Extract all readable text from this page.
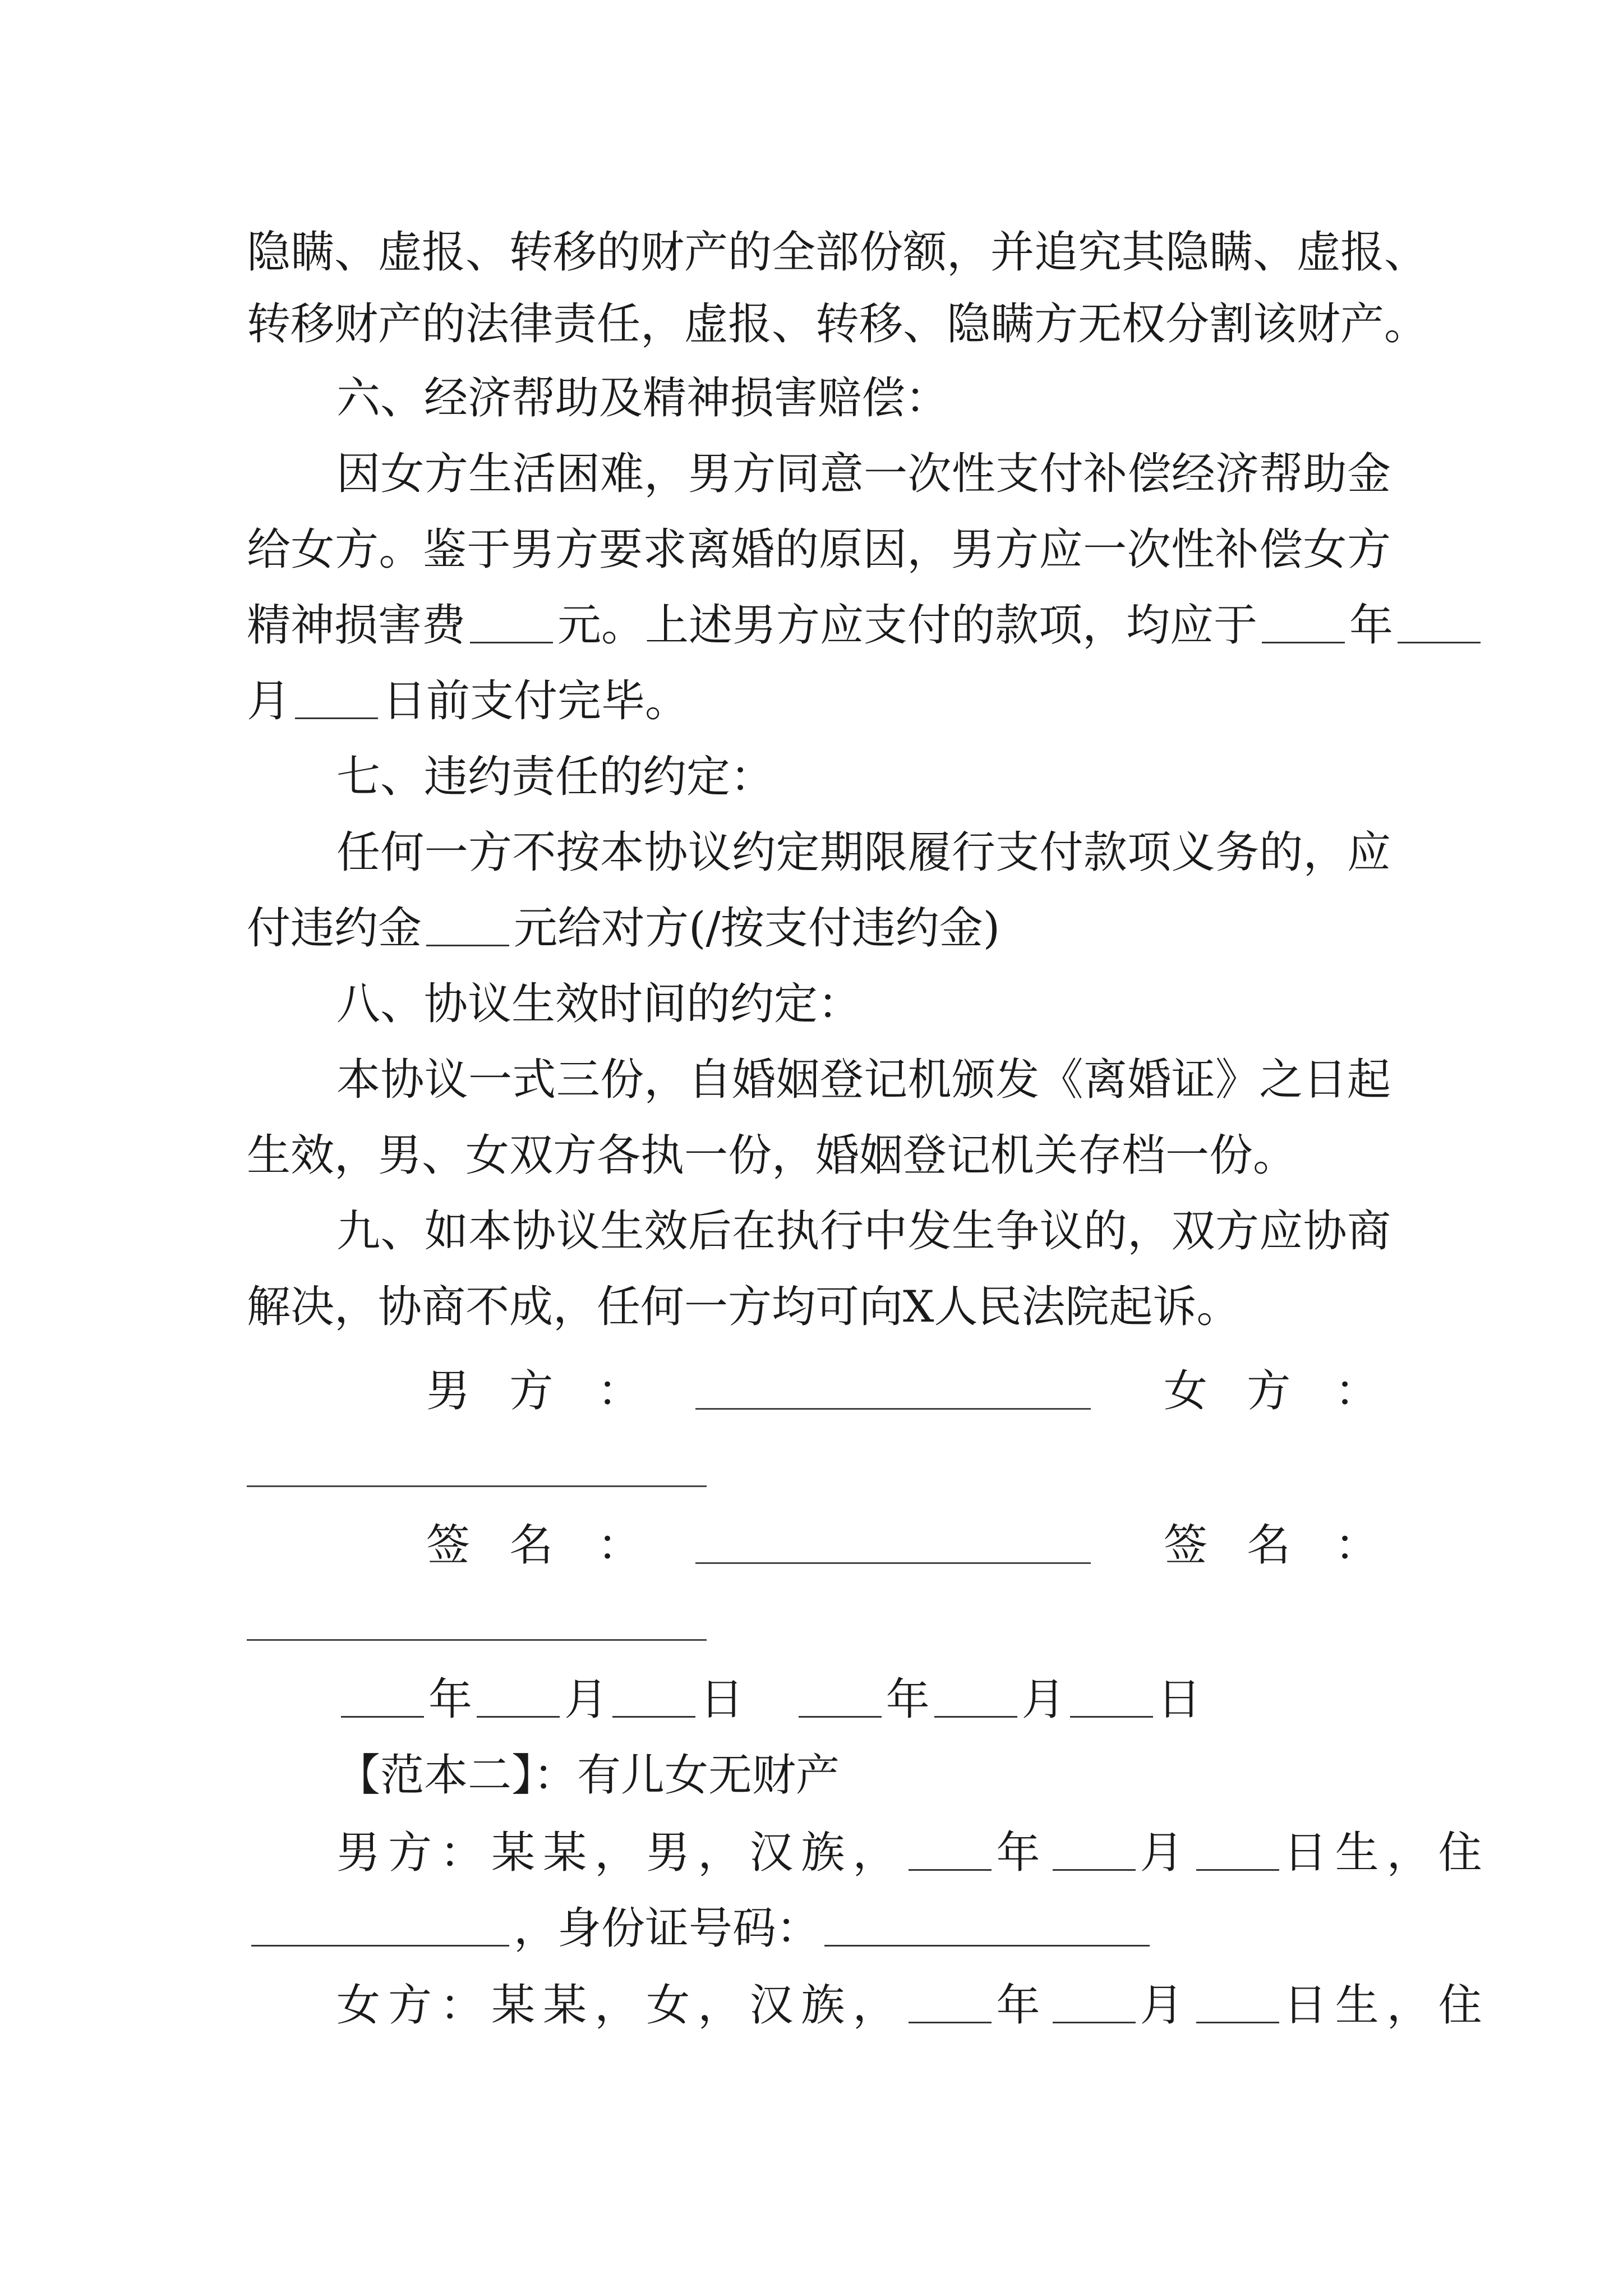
隐瞒、虚报、转移的财产的全部份额，并追究其隐瞒、虚报、
转移财产的法律责任，虚报、转移、隐瞒方无权分割该财产。
六、经济帮助及精神损害赔偿：
因女方生活困难，男方同意一次性支付补偿经济帮助金
给女方。鉴于男方要求离婚的原因，男方应一次性补偿女方
精神损害费 元。上述男方应支付的款项，均应于 年
月 日前支付完毕。
七、违约责任的约定：
任何一方不按本协议约定期限履行支付款项义务的，应
付违约金 元给对方(/按支付违约金)
八、协议生效时间的约定：
本协议一式三份，自婚姻登记机颁发《离婚证》之日起
生效，男、女双方各执一份，婚姻登记机关存档一份。
九、如本协议生效后在执行中发生争议的，双方应协商
解决，协商不成，任何一方均可向X人民法院起诉。
男方 ：	女方 ：
签名 ：	签名 ：
年 月 日	年 月 日
【范本二】：有儿女无财产
男方：某某，男，汉族， 年 月 日生，住
，身份证号码：
女方：某某，女，汉族， 年 月 日生，住
